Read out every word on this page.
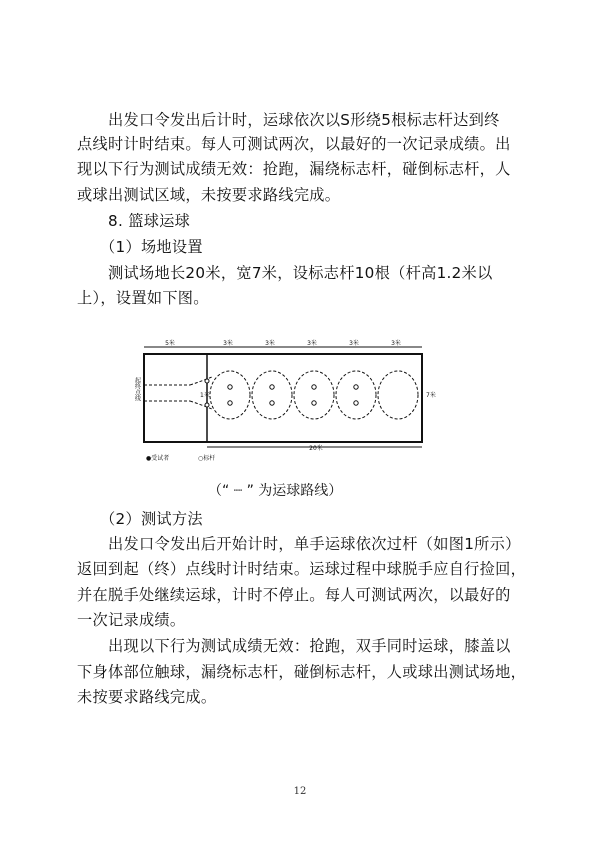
出发口令发出后计时，运球依次以S形绕5根标志杆达到终
点线时计时结束。每人可测试两次，以最好的一次记录成绩。出
现以下行为测试成绩无效：抢跑，漏绕标志杆，碰倒标志杆，人
或球出测试区域，未按要求路线完成。
8. 篮球运球
（1）场地设置
测试场地长20米，宽7米，设标志杆10根（杆高1.2米以
上），设置如下图。
5米	3米	3米	3米	3米	3米
起终点线	1米	7米
20米
●受试者	○标杆
（“ ┈ ” 为运球路线）
（2）测试方法
出发口令发出后开始计时，单手运球依次过杆（如图1所示）
返回到起（终）点线时计时结束。运球过程中球脱手应自行捡回，
并在脱手处继续运球，计时不停止。每人可测试两次，以最好的
一次记录成绩。
出现以下行为测试成绩无效：抢跑，双手同时运球，膝盖以
下身体部位触球，漏绕标志杆，碰倒标志杆，人或球出测试场地，
未按要求路线完成。
12
